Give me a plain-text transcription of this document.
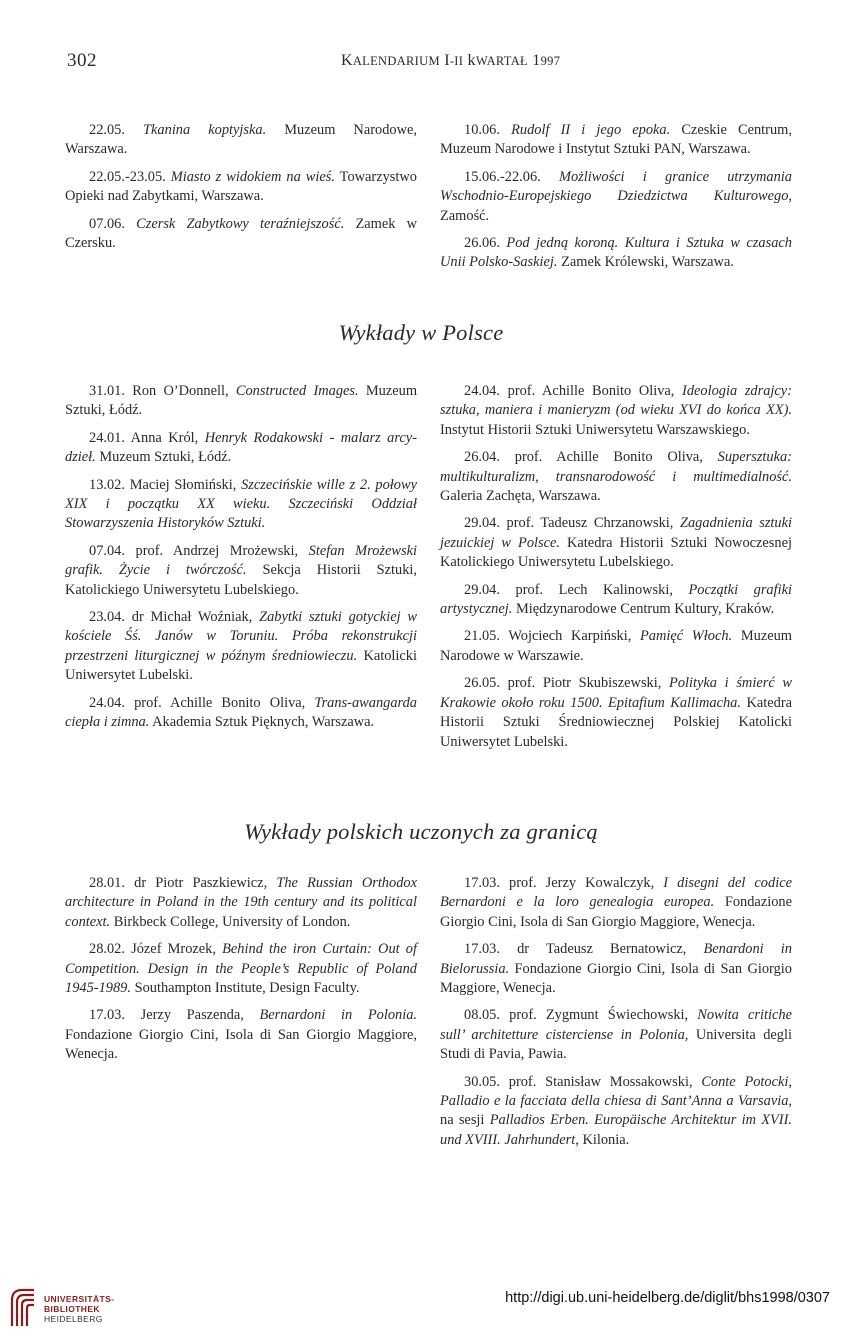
302	KALENDARIUM I-II kWARTAŁ 1997

22.05. Tkanina koptyjska. Muzeum Narodowe, Warszawa.

22.05.-23.05. Miasto z widokiem na wieś. Towarzystwo Opieki nad Zabytkami, Warszawa.

07.06. Czersk Zabytkowy teraźniejszość. Zamek w Czersku.

10.06. Rudolf II i jego epoka. Czeskie Centrum, Muzeum Narodowe i Instytut Sztuki PAN, Warszawa.

15.06.-22.06. Możliwości i granice utrzymania Wschodnio-Europejskiego Dziedzictwa Kulturowego, Zamość.

26.06. Pod jedną koroną. Kultura i Sztuka w czasach Unii Polsko-Saskiej. Zamek Królewski, Warszawa.

Wykłady w Polsce

31.01. Ron O’Donnell, Constructed Images. Muzeum Sztuki, Łódź.

24.01. Anna Król, Henryk Rodakowski - malarz arcy-dzieł. Muzeum Sztuki, Łódź.

13.02. Maciej Słomiński, Szczecińskie wille z 2. połowy XIX i początku XX wieku. Szczeciński Oddział Stowarzyszenia Historyków Sztuki.

07.04. prof. Andrzej Mrożewski, Stefan Mrożewski grafik. Życie i twórczość. Sekcja Historii Sztuki, Katolickiego Uniwersytetu Lubelskiego.

23.04. dr Michał Woźniak, Zabytki sztuki gotyckiej w kościele Śś. Janów w Toruniu. Próba rekonstrukcji przestrzeni liturgicznej w późnym średniowieczu. Katolicki Uniwersytet Lubelski.

24.04. prof. Achille Bonito Oliva, Trans-awangarda ciepła i zimna. Akademia Sztuk Pięknych, Warszawa.

24.04. prof. Achille Bonito Oliva, Ideologia zdrajcy: sztuka, maniera i manieryzm (od wieku XVI do końca XX). Instytut Historii Sztuki Uniwersytetu Warszawskiego.

26.04. prof. Achille Bonito Oliva, Supersztuka: multikulturalizm, transnarodowość i multimedialność. Galeria Zachęta, Warszawa.

29.04. prof. Tadeusz Chrzanowski, Zagadnienia sztuki jezuickiej w Polsce. Katedra Historii Sztuki Nowoczesnej Katolickiego Uniwersytetu Lubelskiego.

29.04. prof. Lech Kalinowski, Początki grafiki artystycznej. Międzynarodowe Centrum Kultury, Kraków.

21.05. Wojciech Karpiński, Pamięć Włoch. Muzeum Narodowe w Warszawie.

26.05. prof. Piotr Skubiszewski, Polityka i śmierć w Krakowie około roku 1500. Epitafium Kallimacha. Katedra Historii Sztuki Średniowiecznej Polskiej Katolicki Uniwersytet Lubelski.

Wykłady polskich uczonych za granicą

28.01. dr Piotr Paszkiewicz, The Russian Orthodox architecture in Poland in the 19th century and its political context. Birkbeck College, University of London.

28.02. Józef Mrozek, Behind the iron Curtain: Out of Competition. Design in the People’s Republic of Poland 1945-1989. Southampton Institute, Design Faculty.

17.03. Jerzy Paszenda, Bernardoni in Polonia. Fondazione Giorgio Cini, Isola di San Giorgio Maggiore, Wenecja.

17.03. prof. Jerzy Kowalczyk, I disegni del codice Bernardoni e la loro genealogia europea. Fondazione Giorgio Cini, Isola di San Giorgio Maggiore, Wenecja.

17.03. dr Tadeusz Bernatowicz, Benardoni in Bielorussia. Fondazione Giorgio Cini, Isola di San Giorgio Maggiore, Wenecja.

08.05. prof. Zygmunt Świechowski, Nowita critiche sull’ architetture cisterciense in Polonia, Universita degli Studi di Pavia, Pawia.

30.05. prof. Stanisław Mossakowski, Conte Potocki, Palladio e la facciata della chiesa di Sant’Anna a Varsavia, na sesji Palladios Erben. Europäische Architektur im XVII. und XVIII. Jahrhundert, Kilonia.

UNIVERSITÄTS-
BIBLIOTHEK
HEIDELBERG
http://digi.ub.uni-heidelberg.de/diglit/bhs1998/0307
